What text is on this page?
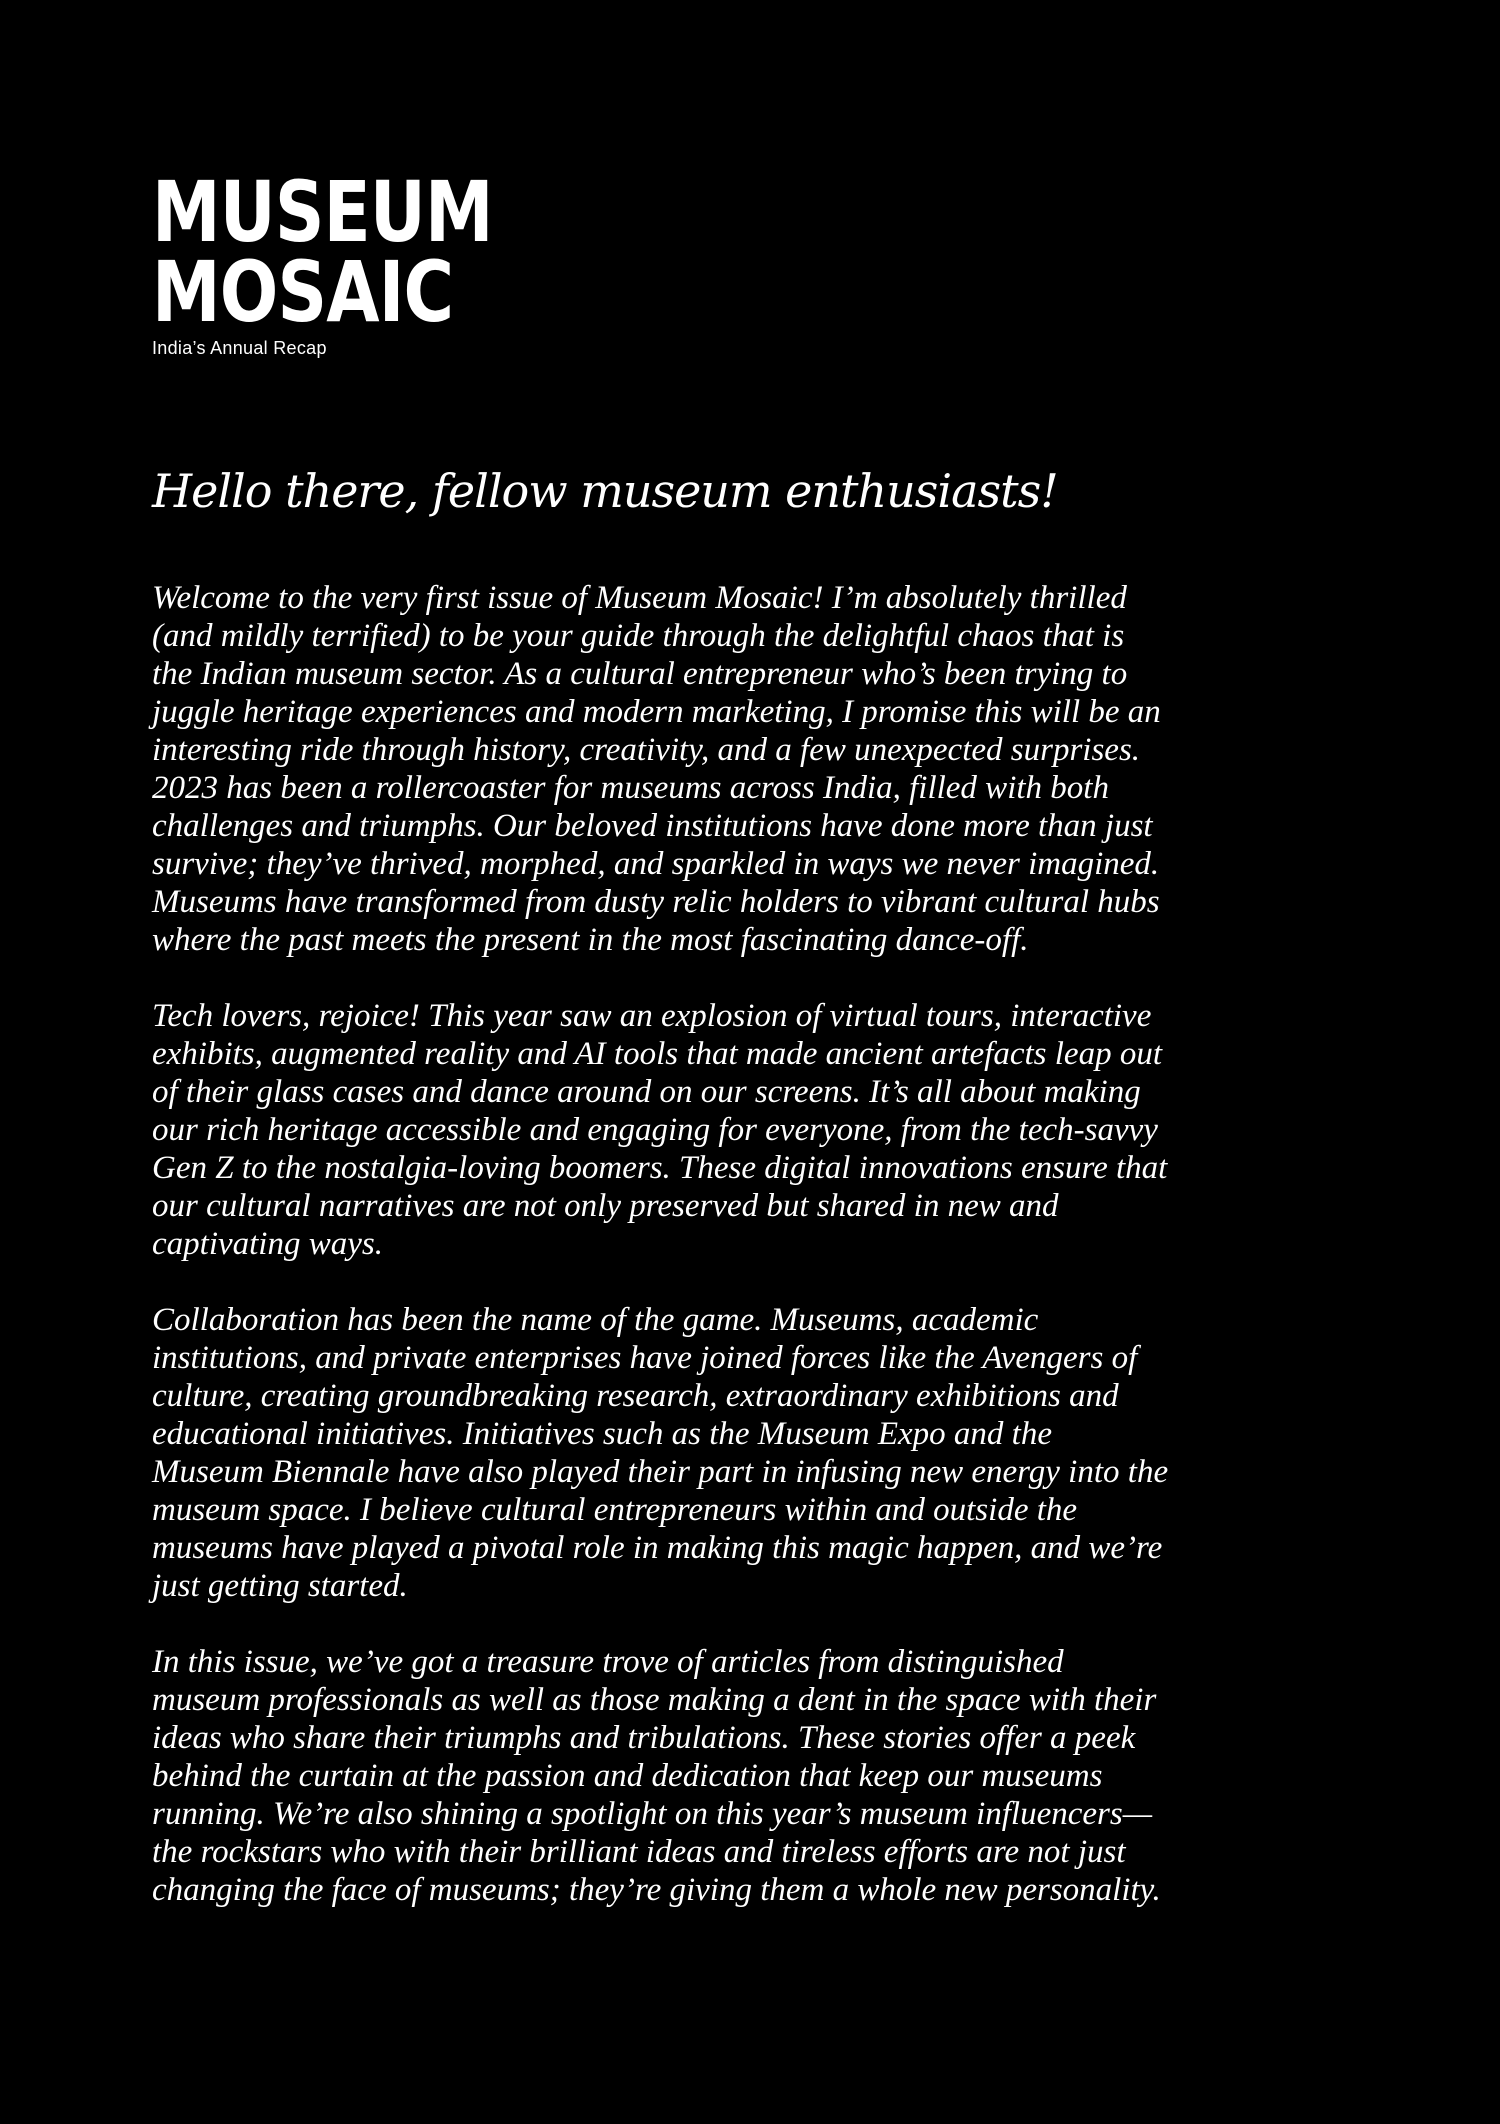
MUSEUM
MOSAIC
India’s Annual Recap
Hello there, fellow museum enthusiasts!

Welcome to the very first issue of Museum Mosaic! I’m absolutely thrilled (and mildly terrified) to be your guide through the delightful chaos that is the Indian museum sector. As a cultural entrepreneur who’s been trying to juggle heritage experiences and modern marketing, I promise this will be an interesting ride through history, creativity, and a few unexpected surprises. 2023 has been a rollercoaster for museums across India, filled with both challenges and triumphs. Our beloved institutions have done more than just survive; they’ve thrived, morphed, and sparkled in ways we never imagined. Museums have transformed from dusty relic holders to vibrant cultural hubs where the past meets the present in the most fascinating dance-off.

Tech lovers, rejoice! This year saw an explosion of virtual tours, interactive exhibits, augmented reality and AI tools that made ancient artefacts leap out of their glass cases and dance around on our screens. It’s all about making our rich heritage accessible and engaging for everyone, from the tech-savvy Gen Z to the nostalgia-loving boomers. These digital innovations ensure that our cultural narratives are not only preserved but shared in new and captivating ways.

Collaboration has been the name of the game. Museums, academic institutions, and private enterprises have joined forces like the Avengers of culture, creating groundbreaking research, extraordinary exhibitions and educational initiatives. Initiatives such as the Museum Expo and the Museum Biennale have also played their part in infusing new energy into the museum space. I believe cultural entrepreneurs within and outside the museums have played a pivotal role in making this magic happen, and we’re just getting started.

In this issue, we’ve got a treasure trove of articles from distinguished museum professionals as well as those making a dent in the space with their ideas who share their triumphs and tribulations. These stories offer a peek behind the curtain at the passion and dedication that keep our museums running. We’re also shining a spotlight on this year’s museum influencers—the rockstars who with their brilliant ideas and tireless efforts are not just changing the face of museums; they’re giving them a whole new personality.
